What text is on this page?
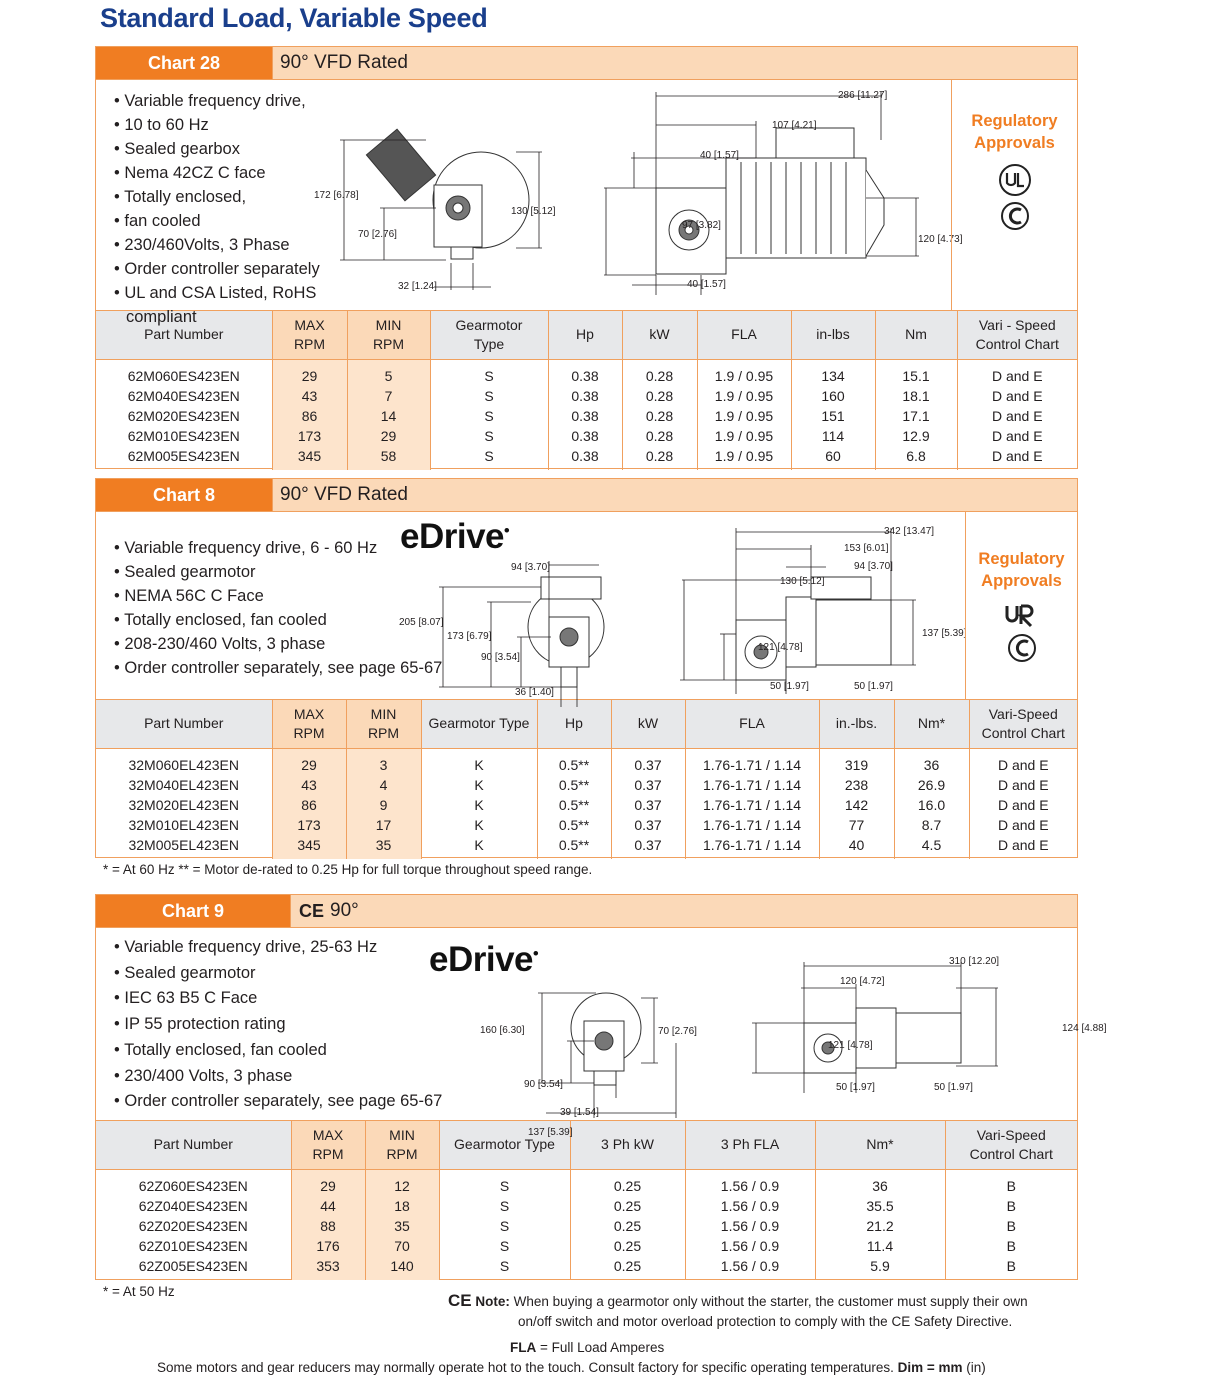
Standard Load, Variable Speed
Chart 28	90° VFD Rated
• Variable frequency drive,
• 10 to 60 Hz
• Sealed gearbox
• Nema 42CZ C face
• Totally enclosed,
• fan cooled
• 230/460Volts, 3 Phase
• Order controller separately
• UL and CSA Listed, RoHS compliant
172 [6.78]
130 [5.12]
70 [2.76]
32 [1.24]
286 [11.27]
107 [4.21]
40 [1.57]
97 [3.82]
120 [4.73]
40 [1.57]
Regulatory
Approvals
Part Number	MAX
RPM	MIN
RPM	Gearmotor
Type	Hp	kW	FLA	in-lbs	Nm	Vari - Speed
Control Chart
62M060ES423EN	29	5	S	0.38	0.28	1.9 / 0.95	134	15.1	D and E
62M040ES423EN	43	7	S	0.38	0.28	1.9 / 0.95	160	18.1	D and E
62M020ES423EN	86	14	S	0.38	0.28	1.9 / 0.95	151	17.1	D and E
62M010ES423EN	173	29	S	0.38	0.28	1.9 / 0.95	114	12.9	D and E
62M005ES423EN	345	58	S	0.38	0.28	1.9 / 0.95	60	6.8	D and E
Chart 8	90° VFD Rated
• Variable frequency drive, 6 - 60 Hz
• Sealed gearmotor
• NEMA 56C C Face
• Totally enclosed, fan cooled
• 208-230/460 Volts, 3 phase
• Order controller separately, see page 65-67
eDrive•
94 [3.70]
205 [8.07]
173 [6.79]
90 [3.54]
36 [1.40]
342 [13.47]
153 [6.01]
94 [3.70]
130 [5.12]
137 [5.39]
121 [4.78]
50 [1.97]	50 [1.97]
Regulatory
Approvals
Part Number	MAX
RPM	MIN
RPM	Gearmotor Type	Hp	kW	FLA	in.-lbs.	Nm*	Vari-Speed
Control Chart
32M060EL423EN	29	3	K	0.5**	0.37	1.76-1.71 / 1.14	319	36	D and E
32M040EL423EN	43	4	K	0.5**	0.37	1.76-1.71 / 1.14	238	26.9	D and E
32M020EL423EN	86	9	K	0.5**	0.37	1.76-1.71 / 1.14	142	16.0	D and E
32M010EL423EN	173	17	K	0.5**	0.37	1.76-1.71 / 1.14	77	8.7	D and E
32M005EL423EN	345	35	K	0.5**	0.37	1.76-1.71 / 1.14	40	4.5	D and E
* = At 60 Hz ** = Motor de-rated to 0.25 Hp for full torque throughout speed range.
Chart 9	CE 90°
• Variable frequency drive, 25-63 Hz
• Sealed gearmotor
• IEC 63 B5 C Face
• IP 55 protection rating
• Totally enclosed, fan cooled
• 230/400 Volts, 3 phase
• Order controller separately, see page 65-67
eDrive•
160 [6.30]
90 [3.54]
70 [2.76]
39 [1.54]
137 [5.39]
310 [12.20]
120 [4.72]
124 [4.88]
121 [4.78]
50 [1.97]	50 [1.97]
Part Number	MAX
RPM	MIN
RPM	Gearmotor Type	3 Ph kW	3 Ph FLA	Nm*	Vari-Speed
Control Chart
62Z060ES423EN	29	12	S	0.25	1.56 / 0.9	36	B
62Z040ES423EN	44	18	S	0.25	1.56 / 0.9	35.5	B
62Z020ES423EN	88	35	S	0.25	1.56 / 0.9	21.2	B
62Z010ES423EN	176	70	S	0.25	1.56 / 0.9	11.4	B
62Z005ES423EN	353	140	S	0.25	1.56 / 0.9	5.9	B
* = At 50 Hz	CE Note: When buying a gearmotor only without the starter, the customer must supply their own
on/off switch and motor overload protection to comply with the CE Safety Directive.
FLA = Full Load Amperes
Some motors and gear reducers may normally operate hot to the touch. Consult factory for specific operating temperatures. Dim = mm (in)
